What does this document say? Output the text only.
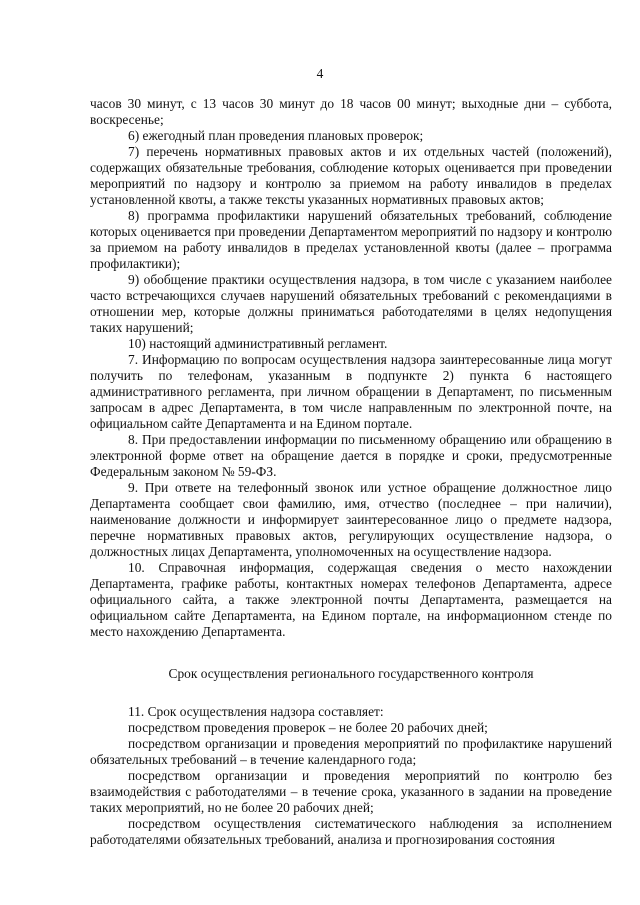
4

часов 30 минут, с 13 часов 30 минут до 18 часов 00 минут; выходные дни – суббота, воскресенье;

6) ежегодный план проведения плановых проверок;

7) перечень нормативных правовых актов и их отдельных частей (положений), содержащих обязательные требования, соблюдение которых оценивается при проведении мероприятий по надзору и контролю за приемом на работу инвалидов в пределах установленной квоты, а также тексты указанных нормативных правовых актов;

8) программа профилактики нарушений обязательных требований, соблюдение которых оценивается при проведении Департаментом мероприятий по надзору и контролю за приемом на работу инвалидов в пределах установленной квоты (далее – программа профилактики);

9) обобщение практики осуществления надзора, в том числе с указанием наиболее часто встречающихся случаев нарушений обязательных требований с рекомендациями в отношении мер, которые должны приниматься работодателями в целях недопущения таких нарушений;

10) настоящий административный регламент.

7. Информацию по вопросам осуществления надзора заинтересованные лица могут получить по телефонам, указанным в подпункте 2) пункта 6 настоящего административного регламента, при личном обращении в Департамент, по письменным запросам в адрес Департамента, в том числе направленным по электронной почте, на официальном сайте Департамента и на Едином портале.

8. При предоставлении информации по письменному обращению или обращению в электронной форме ответ на обращение дается в порядке и сроки, предусмотренные Федеральным законом № 59-ФЗ.

9. При ответе на телефонный звонок или устное обращение должностное лицо Департамента сообщает свои фамилию, имя, отчество (последнее – при наличии), наименование должности и информирует заинтересованное лицо о предмете надзора, перечне нормативных правовых актов, регулирующих осуществление надзора, о должностных лицах Департамента, уполномоченных на осуществление надзора.

10. Справочная информация, содержащая сведения о место нахождении Департамента, графике работы, контактных номерах телефонов Департамента, адресе официального сайта, а также электронной почты Департамента, размещается на официальном сайте Департамента, на Едином портале, на информационном стенде по место нахождению Департамента.

Срок осуществления регионального государственного контроля

11. Срок осуществления надзора составляет:

посредством проведения проверок – не более 20 рабочих дней;

посредством организации и проведения мероприятий по профилактике нарушений обязательных требований – в течение календарного года;

посредством организации и проведения мероприятий по контролю без взаимодействия с работодателями – в течение срока, указанного в задании на проведение таких мероприятий, но не более 20 рабочих дней;

посредством осуществления систематического наблюдения за исполнением работодателями обязательных требований, анализа и прогнозирования состояния
